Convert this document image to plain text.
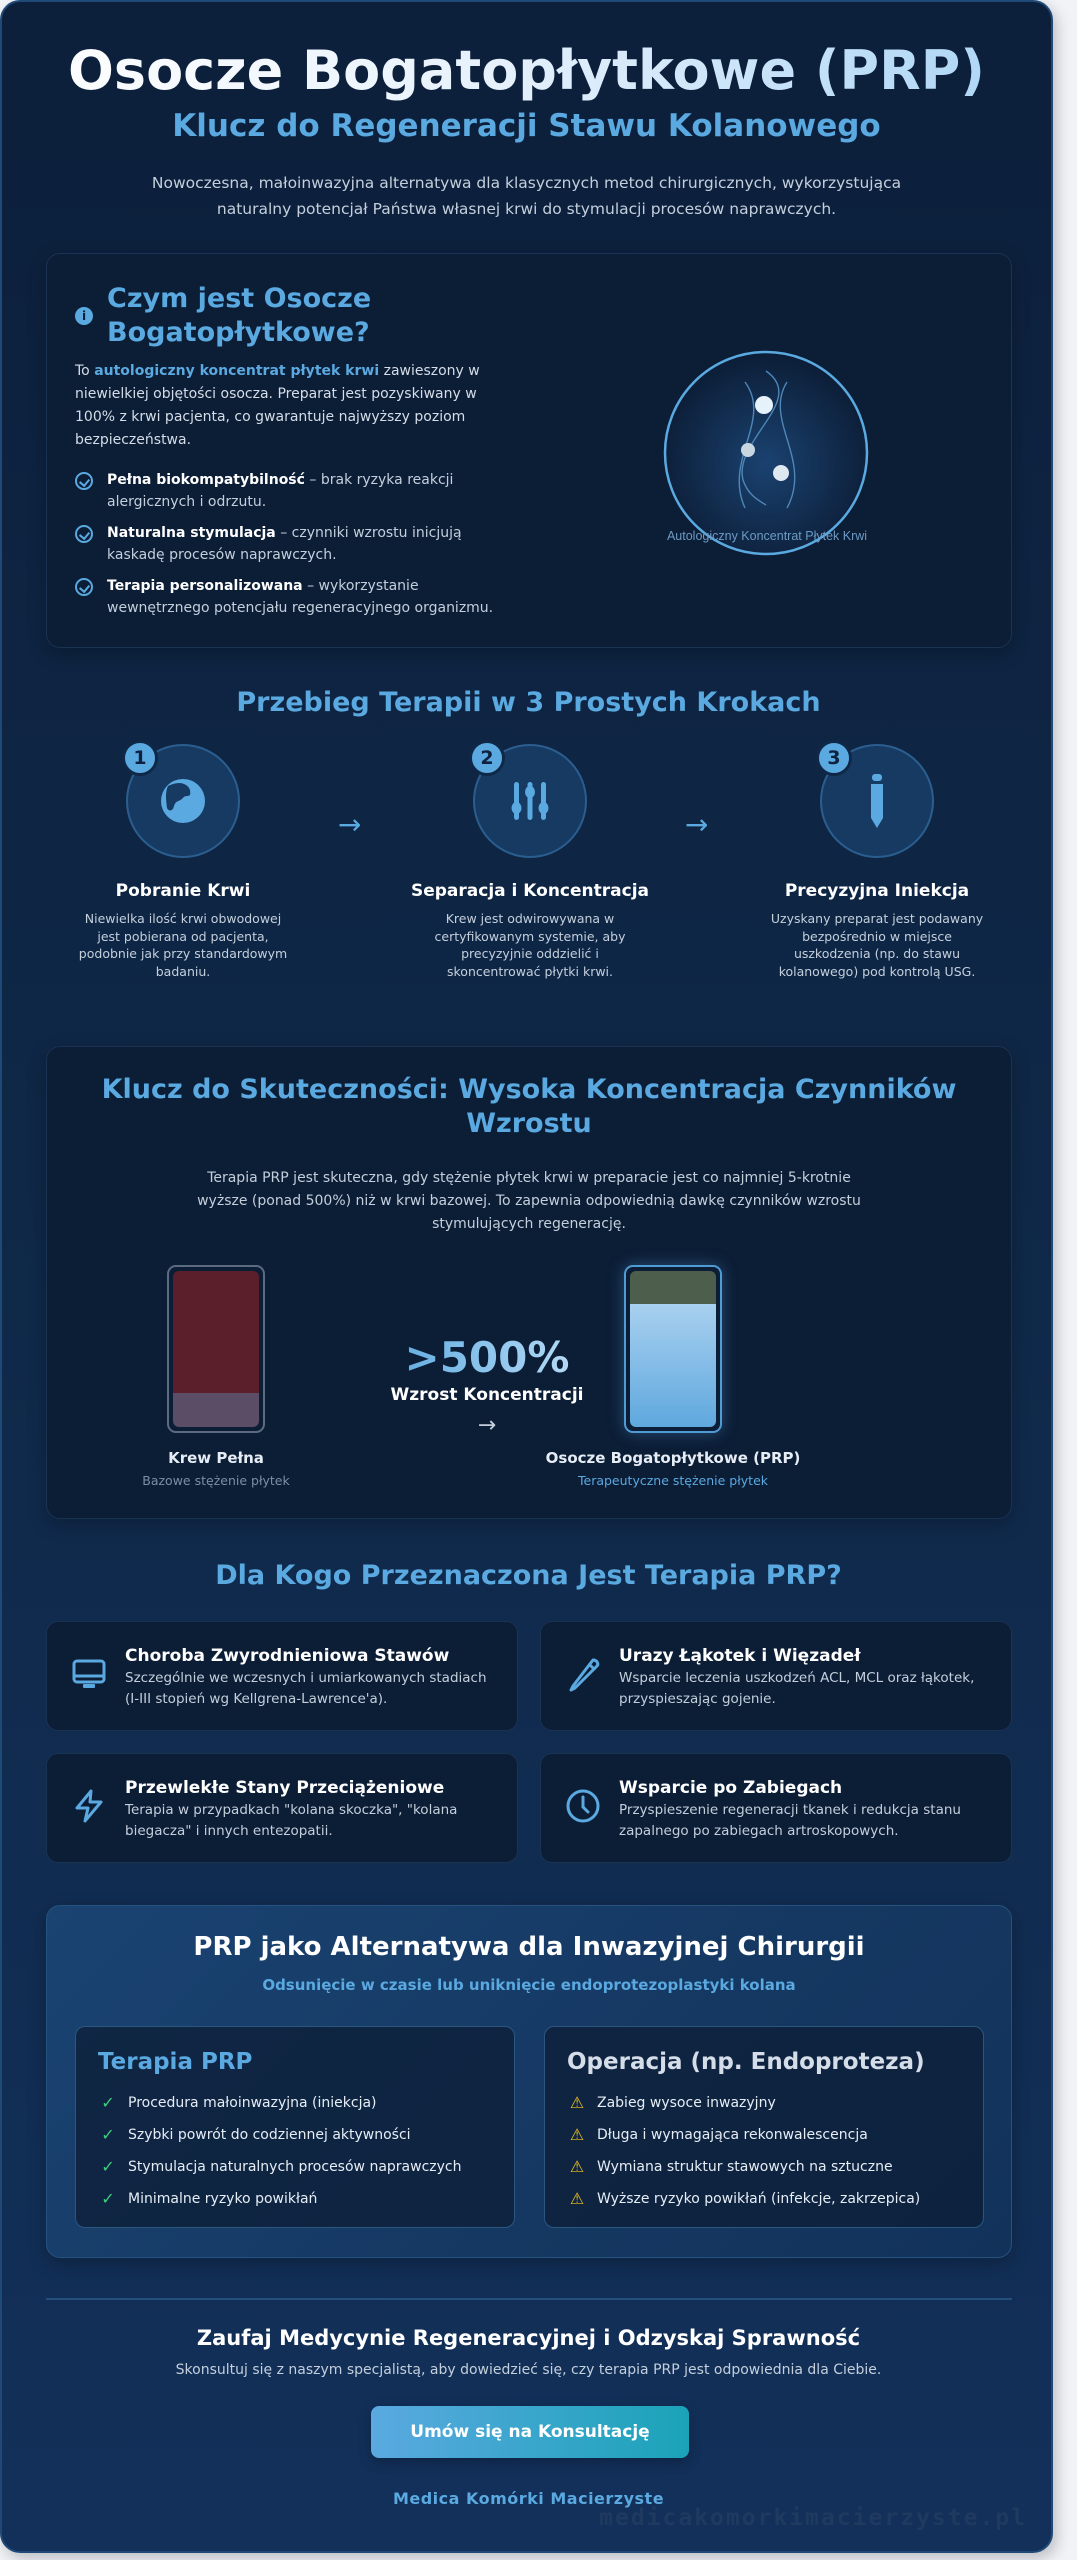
Osocze Bogatopłytkowe (PRP)
Klucz do Regeneracji Stawu Kolanowego

Nowoczesna, małoinwazyjna alternatywa dla klasycznych metod chirurgicznych, wykorzystująca naturalny potencjał Państwa własnej krwi do stymulacji procesów naprawczych.

i
Czym jest Osocze Bogatopłytkowe?

To autologiczny koncentrat płytek krwi zawieszony w niewielkiej objętości osocza. Preparat jest pozyskiwany w 100% z krwi pacjenta, co gwarantuje najwyższy poziom bezpieczeństwa.

Pełna biokompatybilność – brak ryzyka reakcji alergicznych i odrzutu.
Naturalna stymulacja – czynniki wzrostu inicjują kaskadę procesów naprawczych.
Terapia personalizowana – wykorzystanie wewnętrznego potencjału regeneracyjnego organizmu.
Autologiczny Koncentrat Płytek Krwi
Przebieg Terapii w 3 Prostych Krokach
1
Pobranie Krwi

Niewielka ilość krwi obwodowej jest pobierana od pacjenta, podobnie jak przy standardowym badaniu.

→
2
Separacja i Koncentracja

Krew jest odwirowywana w certyfikowanym systemie, aby precyzyjnie oddzielić i skoncentrować płytki krwi.

→
3
Precyzyjna Iniekcja

Uzyskany preparat jest podawany bezpośrednio w miejsce uszkodzenia (np. do stawu kolanowego) pod kontrolą USG.

Klucz do Skuteczności: Wysoka Koncentracja Czynników Wzrostu

Terapia PRP jest skuteczna, gdy stężenie płytek krwi w preparacie jest co najmniej 5-krotnie wyższe (ponad 500%) niż w krwi bazowej. To zapewnia odpowiednią dawkę czynników wzrostu stymulujących regenerację.

Krew Pełna
Bazowe stężenie płytek
>500%
Wzrost Koncentracji
→
Osocze Bogatopłytkowe (PRP)
Terapeutyczne stężenie płytek
Dla Kogo Przeznaczona Jest Terapia PRP?
Choroba Zwyrodnieniowa Stawów
Szczególnie we wczesnych i umiarkowanych stadiach (I-III stopień wg Kellgrena-Lawrence'a).
Urazy Łąkotek i Więzadeł
Wsparcie leczenia uszkodzeń ACL, MCL oraz łąkotek, przyspieszając gojenie.
Przewlekłe Stany Przeciążeniowe
Terapia w przypadkach "kolana skoczka", "kolana biegacza" i innych entezopatii.
Wsparcie po Zabiegach
Przyspieszenie regeneracji tkanek i redukcja stanu zapalnego po zabiegach artroskopowych.
PRP jako Alternatywa dla Inwazyjnej Chirurgii
Odsunięcie w czasie lub uniknięcie endoprotezoplastyki kolana
Terapia PRP
✓ Procedura małoinwazyjna (iniekcja)
✓ Szybki powrót do codziennej aktywności
✓ Stymulacja naturalnych procesów naprawczych
✓ Minimalne ryzyko powikłań
Operacja (np. Endoproteza)
⚠ Zabieg wysoce inwazyjny
⚠ Długa i wymagająca rekonwalescencja
⚠ Wymiana struktur stawowych na sztuczne
⚠ Wyższe ryzyko powikłań (infekcje, zakrzepica)
Zaufaj Medycynie Regeneracyjnej i Odzyskaj Sprawność

Skonsultuj się z naszym specjalistą, aby dowiedzieć się, czy terapia PRP jest odpowiednia dla Ciebie.

Umów się na Konsultację
Medica Komórki Macierzyste
medicakomorkimacierzyste.pl
